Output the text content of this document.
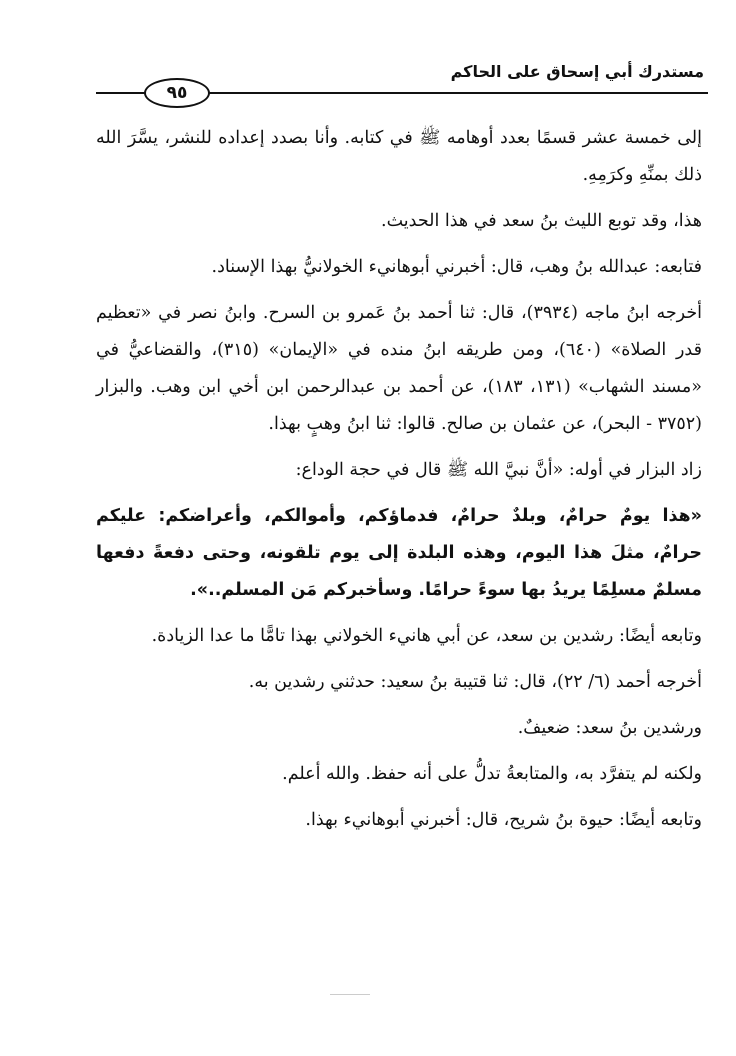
مستدرك أبي إسحاق على الحاكم
٩٥

إلى خمسة عشر قسمًا بعدد أوهامه ﷺ في كتابه. وأنا بصدد إعداده للنشر، يسَّرَ الله ذلك بمنِّهِ وكرَمِهِ.

هذا، وقد توبع الليث بنُ سعد في هذا الحديث.

فتابعه: عبدالله بنُ وهب، قال: أخبرني أبوهانيء الخولانيُّ بهذا الإسناد.

أخرجه ابنُ ماجه (٣٩٣٤)، قال: ثنا أحمد بنُ عَمرو بن السرح. وابنُ نصر في «تعظيم قدر الصلاة» (٦٤٠)، ومن طريقه ابنُ منده في «الإيمان» (٣١٥)، والقضاعيُّ في «مسند الشهاب» (١٣١، ١٨٣)، عن أحمد بن عبدالرحمن ابن أخي ابن وهب. والبزار (٣٧٥٢ - البحر)، عن عثمان بن صالح. قالوا: ثنا ابنُ وهبٍ بهذا.

زاد البزار في أوله: «أنَّ نبيَّ الله ﷺ قال في حجة الوداع:

«هذا يومٌ حرامٌ، وبلدٌ حرامٌ، فدماؤكم، وأموالكم، وأعراضكم: عليكم حرامٌ، مثلَ هذا اليوم، وهذه البلدة إلى يوم تلقونه، وحتى دفعةً دفعها مسلمٌ مسلِمًا يريدُ بها سوءً حرامًا. وسأخبركم مَن المسلم..».

وتابعه أيضًا: رشدين بن سعد، عن أبي هانيء الخولاني بهذا تامًّا ما عدا الزيادة.

أخرجه أحمد (٦/ ٢٢)، قال: ثنا قتيبة بنُ سعيد: حدثني رشدين به.

ورشدين بنُ سعد: ضعيفٌ.

ولكنه لم يتفرَّد به، والمتابعةُ تدلُّ على أنه حفظ. والله أعلم.

وتابعه أيضًا: حيوة بنُ شريح، قال: أخبرني أبوهانيء بهذا.
